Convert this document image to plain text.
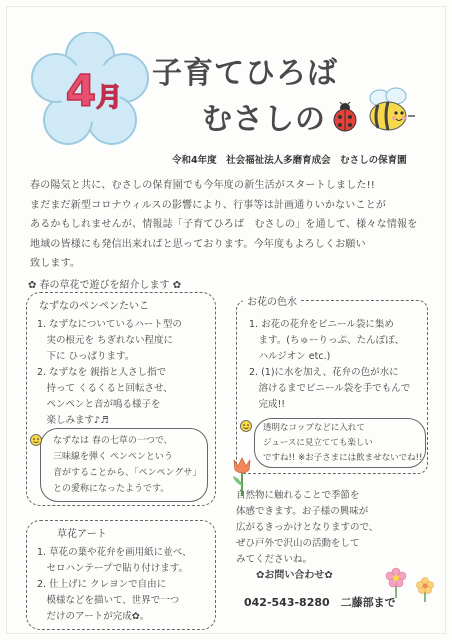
4月
子育てひろば
むさしの
令和4年度　社会福祉法人多磨育成会　むさしの保育園
春の陽気と共に、むさしの保育園でも今年度の新生活がスタートしました!!
まだまだ新型コロナウィルスの影響により、行事等は計画通りいかないことが
あるかもしれませんが、情報誌「子育てひろば　むさしの」を通して、様々な情報を
地域の皆様にも発信出来ればと思っております。今年度もよろしくお願い
致します。
✿ 春の草花で遊びを紹介します ✿
なずなのペンペンたいこ
1. なずなについているハート型の
　実の根元を ちぎれない程度に
　下に ひっぱります。
2. なずなを 親指と人さし指で
　持って くるくると回転させ、
　ペンペンと音が鳴る様子を
　楽しみます♪♬
なずなは 春の七草の一つで、
三味線を弾く ペンペンという
音がすることから、「ペンペングサ」
との愛称になったようです。
草花アート
1. 草花の葉や花弁を画用紙に並べ、
　セロハンテープで貼り付けます。
2. 仕上げに クレヨンで自由に
　模様などを描いて、世界で一つ
　だけのアートが完成✿。
お花の色水
1. お花の花弁をビニール袋に集め
　ます。(ちゅーりっぷ、たんぽぽ、
　ハルジオン etc.)
2. (1)に水を加え、花弁の色が水に
　溶けるまでビニール袋を手でもんで
　完成!!
透明なコップなどに入れて
ジュースに見立てても楽しい
ですね!! ※お子さまには飲ませないでね!!
自然物に触れることで季節を
体感できます。お子様の興味が
広がるきっかけとなりますので、
ぜひ戸外で沢山の活動をして
みてくださいね。
✿お問い合わせ✿
042-543-8280　二藤部まで
